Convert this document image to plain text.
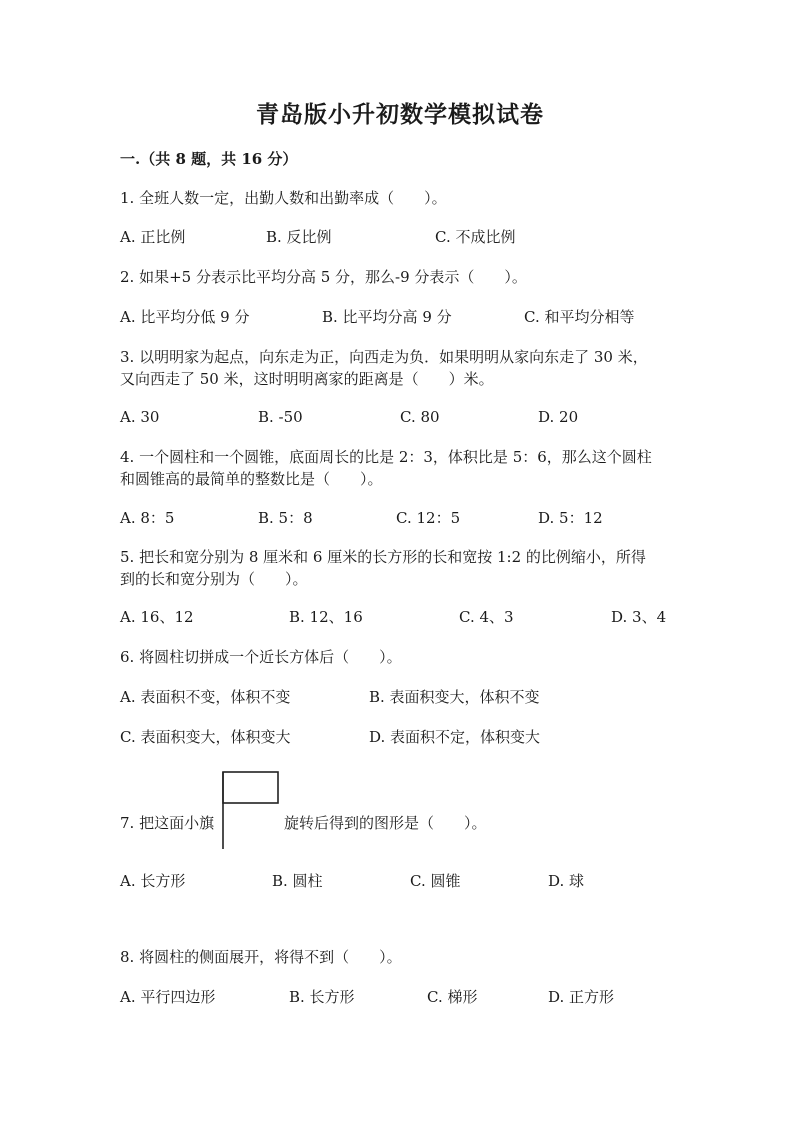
青岛版小升初数学模拟试卷
一.（共 8 题，共 16 分）
1. 全班人数一定，出勤人数和出勤率成（　　）。
A. 正比例	B. 反比例	C. 不成比例
2. 如果+5 分表示比平均分高 5 分，那么-9 分表示（　　）。
A. 比平均分低 9 分	B. 比平均分高 9 分	C. 和平均分相等
3. 以明明家为起点，向东走为正，向西走为负．如果明明从家向东走了 30 米，
又向西走了 50 米，这时明明离家的距离是（　　）米。
A. 30	B. -50	C. 80	D. 20
4. 一个圆柱和一个圆锥，底面周长的比是 2：3，体积比是 5：6，那么这个圆柱
和圆锥高的最简单的整数比是（　　）。
A. 8：5	B. 5：8	C. 12：5	D. 5：12
5. 把长和宽分别为 8 厘米和 6 厘米的长方形的长和宽按 1:2 的比例缩小，所得
到的长和宽分别为（　　）。
A. 16、12	B. 12、16	C. 4、3	D. 3、4
6. 将圆柱切拼成一个近长方体后（　　）。
A. 表面积不变，体积不变	B. 表面积变大，体积不变
C. 表面积变大，体积变大	D. 表面积不定，体积变大
7. 把这面小旗	旋转后得到的图形是（　　）。
A. 长方形	B. 圆柱	C. 圆锥	D. 球
8. 将圆柱的侧面展开，将得不到（　　）。
A. 平行四边形	B. 长方形	C. 梯形	D. 正方形
